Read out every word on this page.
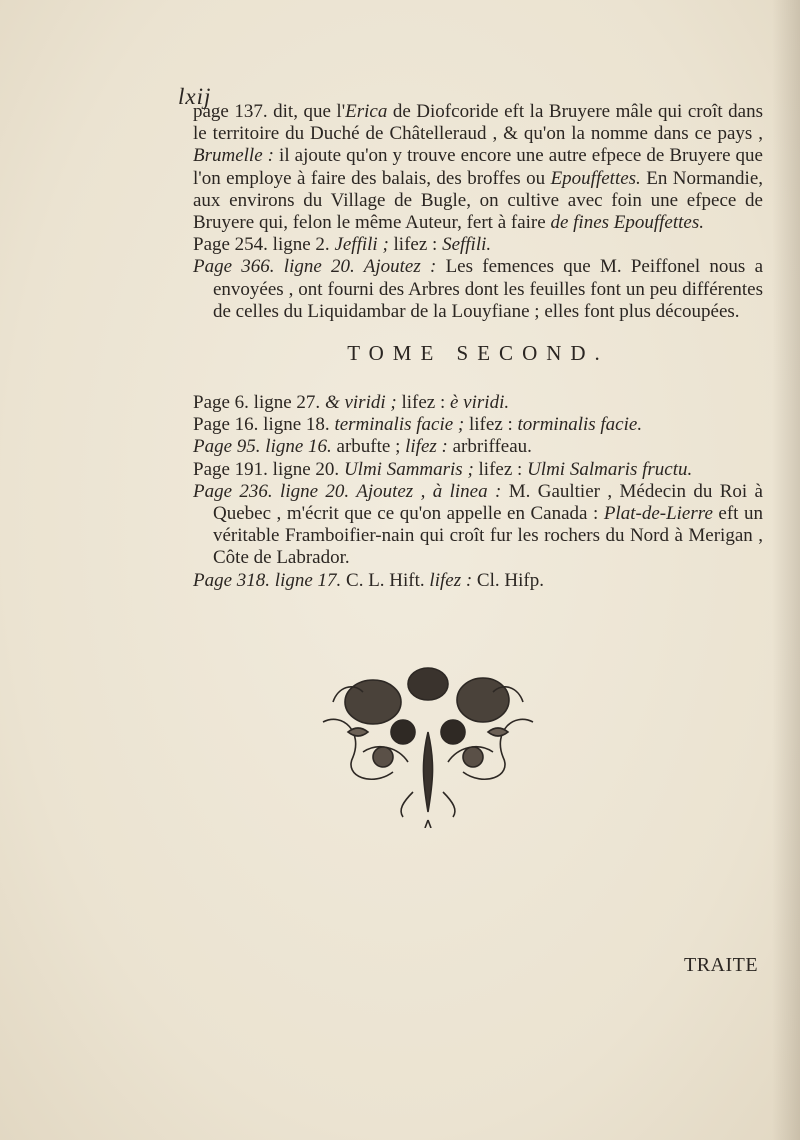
lxij

page 137. dit, que l'Erica de Diofcoride eft la Bruyere mâle qui croît dans le territoire du Duché de Châtelleraud , & qu'on la nomme dans ce pays , Brumelle : il ajoute qu'on y trouve encore une autre efpece de Bruyere que l'on employe à faire des balais, des broffes ou Epouffettes. En Normandie, aux environs du Village de Bugle, on cultive avec foin une efpece de Bruyere qui, felon le même Auteur, fert à faire de fines Epouffettes.

Page 254. ligne 2. Jeffili ; lifez : Seffili.

Page 366. ligne 20. Ajoutez : Les femences que M. Peiffonel nous a envoyées , ont fourni des Arbres dont les feuilles font un peu différentes de celles du Liquidambar de la Louyfiane ; elles font plus découpées.

TOME SECOND.

Page 6. ligne 27. & viridi ; lifez : è viridi.

Page 16. ligne 18. terminalis facie ; lifez : torminalis facie.

Page 95. ligne 16. arbufte ; lifez : arbriffeau.

Page 191. ligne 20. Ulmi Sammaris ; lifez : Ulmi Salmaris fructu.

Page 236. ligne 20. Ajoutez , à linea : M. Gaultier , Médecin du Roi à Quebec , m'écrit que ce qu'on appelle en Canada : Plat-de-Lierre eft un véritable Framboifier-nain qui croît fur les rochers du Nord à Merigan , Côte de Labrador.

Page 318. ligne 17. C. L. Hift. lifez : Cl. Hifp.

TRAITE
